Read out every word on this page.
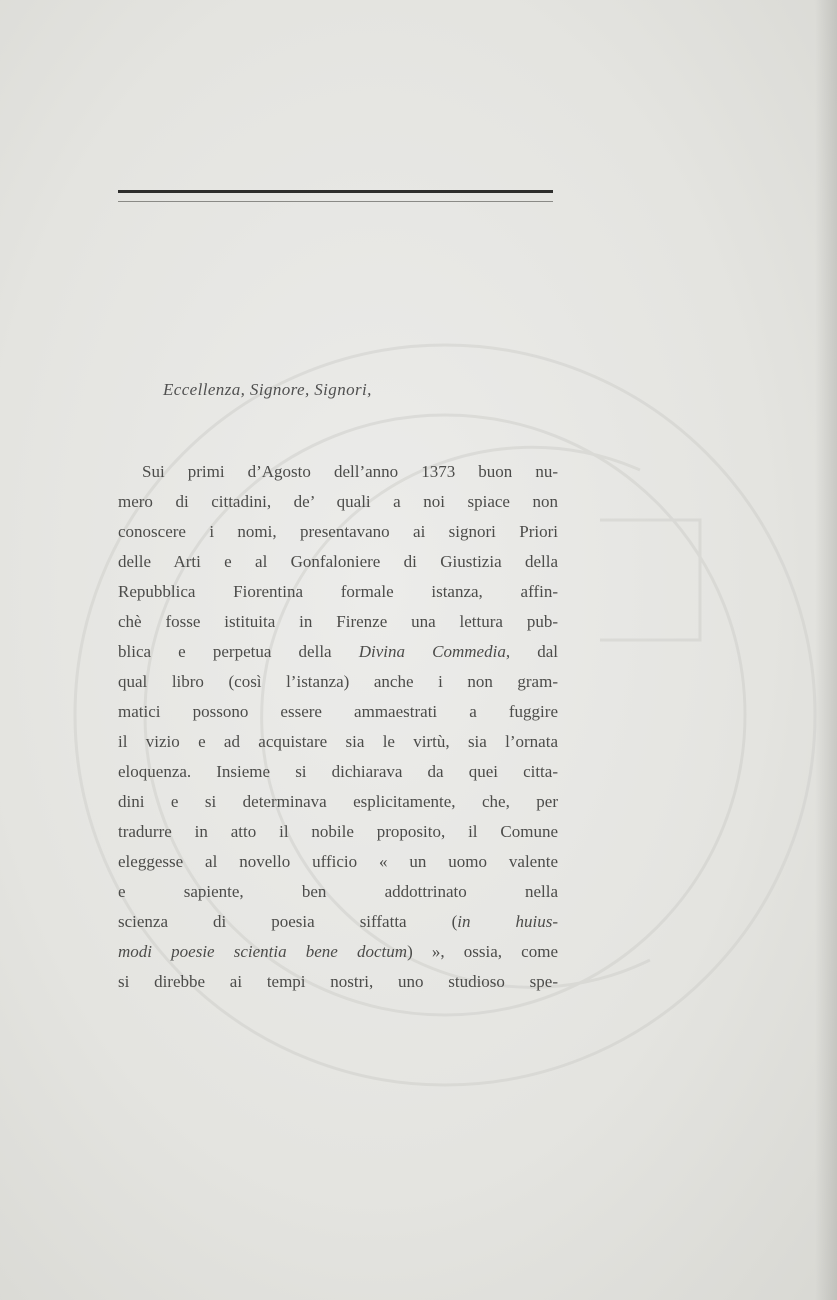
Eccellenza, Signore, Signori,
Sui primi d’Agosto dell’anno 1373 buon nu-
mero di cittadini, de’ quali a noi spiace non
conoscere i nomi, presentavano ai signori Priori
delle Arti e al Gonfaloniere di Giustizia della
Repubblica Fiorentina formale istanza, affin-
chè fosse istituita in Firenze una lettura pub-
blica e perpetua della Divina Commedia, dal
qual libro (così l’istanza) anche i non gram-
matici possono essere ammaestrati a fuggire
il vizio e ad acquistare sia le virtù, sia l’ornata
eloquenza. Insieme si dichiarava da quei citta-
dini e si determinava esplicitamente, che, per
tradurre in atto il nobile proposito, il Comune
eleggesse al novello ufficio « un uomo valente
e sapiente, ben addottrinato nella
scienza di poesia siffatta (in huius-
modi poesie scientia bene doctum) », ossia, come
si direbbe ai tempi nostri, uno studioso spe-
